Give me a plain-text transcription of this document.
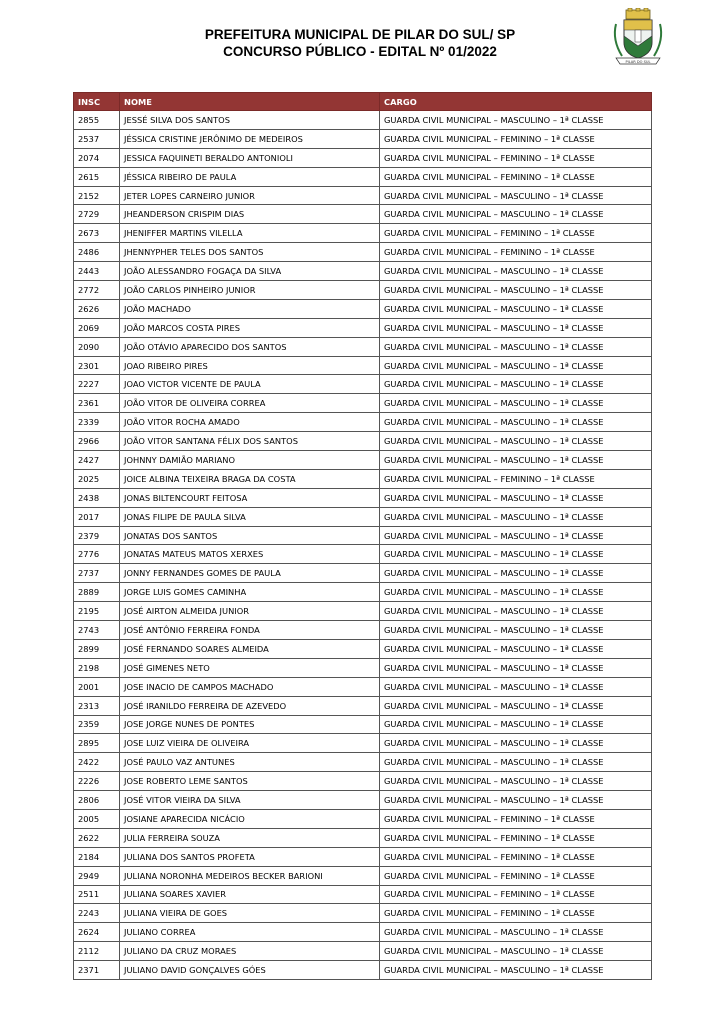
PREFEITURA MUNICIPAL DE PILAR DO SUL/ SP
CONCURSO PÚBLICO - EDITAL Nº 01/2022
PILAR DO SUL
INSC	NOME	CARGO
2855	JESSÉ SILVA DOS SANTOS	GUARDA CIVIL MUNICIPAL – MASCULINO – 1ª CLASSE
2537	JÉSSICA CRISTINE JERÔNIMO DE MEDEIROS	GUARDA CIVIL MUNICIPAL – FEMININO – 1ª CLASSE
2074	JESSICA FAQUINETI BERALDO ANTONIOLI	GUARDA CIVIL MUNICIPAL – FEMININO – 1ª CLASSE
2615	JÉSSICA RIBEIRO DE PAULA	GUARDA CIVIL MUNICIPAL – FEMININO – 1ª CLASSE
2152	JETER LOPES CARNEIRO JUNIOR	GUARDA CIVIL MUNICIPAL – MASCULINO – 1ª CLASSE
2729	JHEANDERSON CRISPIM DIAS	GUARDA CIVIL MUNICIPAL – MASCULINO – 1ª CLASSE
2673	JHENIFFER MARTINS VILELLA	GUARDA CIVIL MUNICIPAL – FEMININO – 1ª CLASSE
2486	JHENNYPHER TELES DOS SANTOS	GUARDA CIVIL MUNICIPAL – FEMININO – 1ª CLASSE
2443	JOÃO ALESSANDRO FOGAÇA DA SILVA	GUARDA CIVIL MUNICIPAL – MASCULINO – 1ª CLASSE
2772	JOÃO CARLOS PINHEIRO JUNIOR	GUARDA CIVIL MUNICIPAL – MASCULINO – 1ª CLASSE
2626	JOÃO MACHADO	GUARDA CIVIL MUNICIPAL – MASCULINO – 1ª CLASSE
2069	JOÃO MARCOS COSTA PIRES	GUARDA CIVIL MUNICIPAL – MASCULINO – 1ª CLASSE
2090	JOÃO OTÁVIO APARECIDO DOS SANTOS	GUARDA CIVIL MUNICIPAL – MASCULINO – 1ª CLASSE
2301	JOAO RIBEIRO PIRES	GUARDA CIVIL MUNICIPAL – MASCULINO – 1ª CLASSE
2227	JOAO VICTOR VICENTE DE PAULA	GUARDA CIVIL MUNICIPAL – MASCULINO – 1ª CLASSE
2361	JOÃO VITOR DE OLIVEIRA CORREA	GUARDA CIVIL MUNICIPAL – MASCULINO – 1ª CLASSE
2339	JOÃO VITOR ROCHA AMADO	GUARDA CIVIL MUNICIPAL – MASCULINO – 1ª CLASSE
2966	JOÃO VITOR SANTANA FÉLIX DOS SANTOS	GUARDA CIVIL MUNICIPAL – MASCULINO – 1ª CLASSE
2427	JOHNNY DAMIÃO MARIANO	GUARDA CIVIL MUNICIPAL – MASCULINO – 1ª CLASSE
2025	JOICE ALBINA TEIXEIRA BRAGA DA COSTA	GUARDA CIVIL MUNICIPAL – FEMININO – 1ª CLASSE
2438	JONAS BILTENCOURT FEITOSA	GUARDA CIVIL MUNICIPAL – MASCULINO – 1ª CLASSE
2017	JONAS FILIPE DE PAULA SILVA	GUARDA CIVIL MUNICIPAL – MASCULINO – 1ª CLASSE
2379	JONATAS DOS SANTOS	GUARDA CIVIL MUNICIPAL – MASCULINO – 1ª CLASSE
2776	JONATAS MATEUS MATOS XERXES	GUARDA CIVIL MUNICIPAL – MASCULINO – 1ª CLASSE
2737	JONNY FERNANDES GOMES DE PAULA	GUARDA CIVIL MUNICIPAL – MASCULINO – 1ª CLASSE
2889	JORGE LUIS GOMES CAMINHA	GUARDA CIVIL MUNICIPAL – MASCULINO – 1ª CLASSE
2195	JOSÉ AIRTON ALMEIDA JUNIOR	GUARDA CIVIL MUNICIPAL – MASCULINO – 1ª CLASSE
2743	JOSÉ ANTÔNIO FERREIRA FONDA	GUARDA CIVIL MUNICIPAL – MASCULINO – 1ª CLASSE
2899	JOSÉ FERNANDO SOARES ALMEIDA	GUARDA CIVIL MUNICIPAL – MASCULINO – 1ª CLASSE
2198	JOSÉ GIMENES NETO	GUARDA CIVIL MUNICIPAL – MASCULINO – 1ª CLASSE
2001	JOSE INACIO DE CAMPOS MACHADO	GUARDA CIVIL MUNICIPAL – MASCULINO – 1ª CLASSE
2313	JOSÉ IRANILDO FERREIRA DE AZEVEDO	GUARDA CIVIL MUNICIPAL – MASCULINO – 1ª CLASSE
2359	JOSE JORGE NUNES DE PONTES	GUARDA CIVIL MUNICIPAL – MASCULINO – 1ª CLASSE
2895	JOSE LUIZ VIEIRA DE OLIVEIRA	GUARDA CIVIL MUNICIPAL – MASCULINO – 1ª CLASSE
2422	JOSÉ PAULO VAZ ANTUNES	GUARDA CIVIL MUNICIPAL – MASCULINO – 1ª CLASSE
2226	JOSE ROBERTO LEME SANTOS	GUARDA CIVIL MUNICIPAL – MASCULINO – 1ª CLASSE
2806	JOSÉ VITOR VIEIRA DA SILVA	GUARDA CIVIL MUNICIPAL – MASCULINO – 1ª CLASSE
2005	JOSIANE APARECIDA NICÁCIO	GUARDA CIVIL MUNICIPAL – FEMININO – 1ª CLASSE
2622	JULIA FERREIRA SOUZA	GUARDA CIVIL MUNICIPAL – FEMININO – 1ª CLASSE
2184	JULIANA DOS SANTOS PROFETA	GUARDA CIVIL MUNICIPAL – FEMININO – 1ª CLASSE
2949	JULIANA NORONHA MEDEIROS BECKER BARIONI	GUARDA CIVIL MUNICIPAL – FEMININO – 1ª CLASSE
2511	JULIANA SOARES XAVIER	GUARDA CIVIL MUNICIPAL – FEMININO – 1ª CLASSE
2243	JULIANA VIEIRA DE GOES	GUARDA CIVIL MUNICIPAL – FEMININO – 1ª CLASSE
2624	JULIANO CORREA	GUARDA CIVIL MUNICIPAL – MASCULINO – 1ª CLASSE
2112	JULIANO DA CRUZ MORAES	GUARDA CIVIL MUNICIPAL – MASCULINO – 1ª CLASSE
2371	JULIANO DAVID GONÇALVES GÓES	GUARDA CIVIL MUNICIPAL – MASCULINO – 1ª CLASSE
